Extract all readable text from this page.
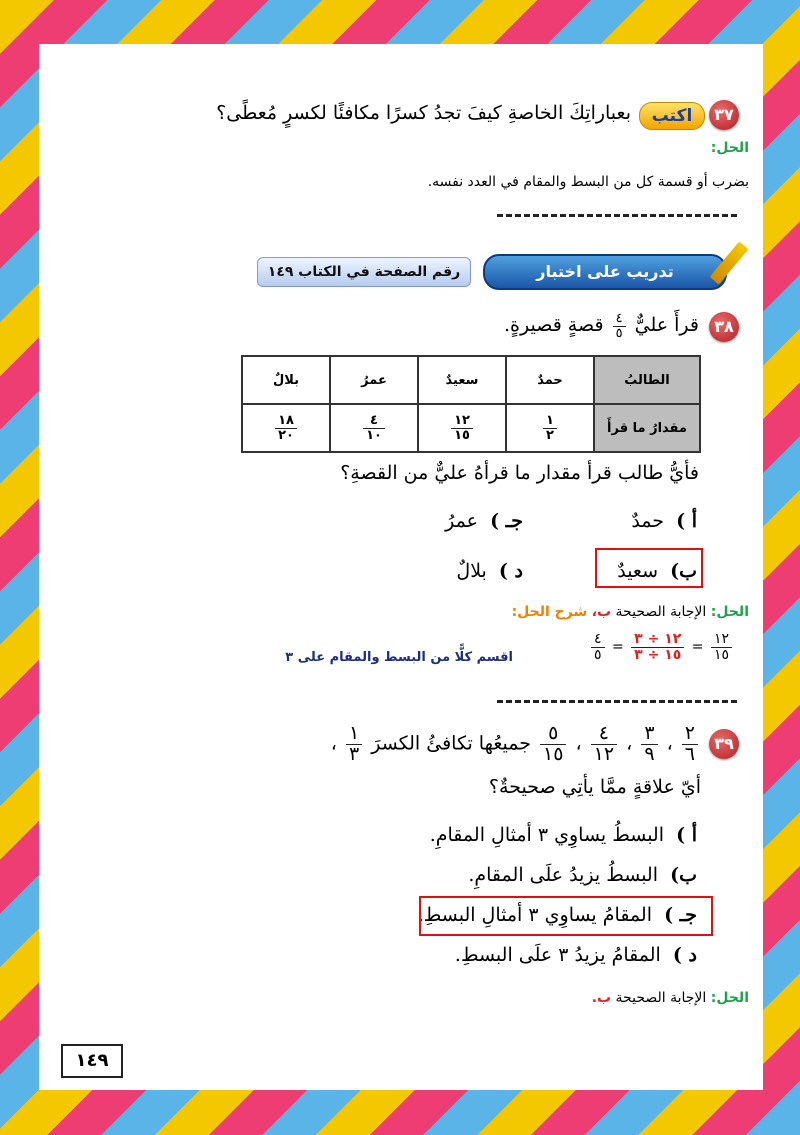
٣٧
اكتب
بعباراتِكَ الخاصةِ كيفَ تجدُ كسرًا مكافئًا لكسرٍ مُعطًى؟
الحل:
بضرب أو قسمة كل من البسط والمقام في العدد نفسه.
تدريب على اختبار
رقم الصفحة في الكتاب ١٤٩
٣٨
قرأَ عليٌّ
$\frac{٤}{٥}$
قصةٍ قصيرةٍ.
الطالبُ	حمدٌ	سعيدٌ	عمرُ	بلالٌ
مقدارُ ما قرأَ	$\frac{١}{٢}$	$\frac{١٢}{١٥}$	$\frac{٤}{١٠}$	$\frac{١٨}{٢٠}$
فأيُّ طالب قرأ مقدار ما قرأهُ عليٌّ من القصةِ؟
أ )  حمدٌ
جـ )  عمرُ
ب)  سعيدٌ
د )  بلالٌ
الحل: الإجابة الصحيحة ب، شرح الحل:
$\frac{٤}{٥} = \frac{١٢ \div ٣}{١٥ \div ٣} = \frac{١٢}{١٥}$
اقسم كلًّا من البسط والمقام على ٣
٣٩
$\frac{٢}{٦}$
،
$\frac{٣}{٩}$
،
$\frac{٤}{١٢}$
،
$\frac{٥}{١٥}$
جميعُها تكافئُ الكسرَ
$\frac{١}{٣}$
،
أيّ علاقةٍ ممَّا يأتِي صحيحةٌ؟
أ )  البسطُ يساوِي ٣ أمثالِ المقامِ.
ب)  البسطُ يزيدُ علَى المقامِ.
جـ )  المقامُ يساوِي ٣ أمثالِ البسطِ.
د )  المقامُ يزيدُ ٣ علَى البسطِ.
الحل: الإجابة الصحيحة ب.
١٤٩
